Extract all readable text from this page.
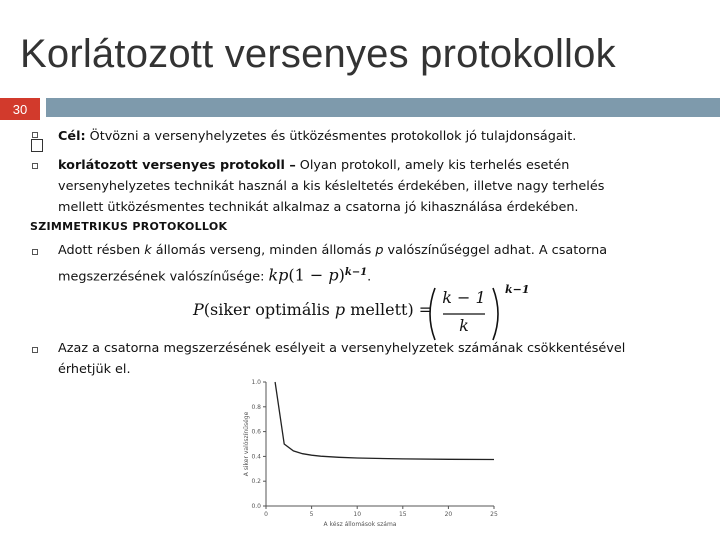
Korlátozott versenyes protokollok
30
Cél: Ötvözni a versenyhelyzetes és ütközésmentes protokollok jó tulajdonságait.
korlátozott versenyes protokoll – Olyan protokoll, amely kis terhelés esetén
versenyhelyzetes technikát használ a kis késleltetés érdekében, illetve nagy terhelés
mellett ütközésmentes technikát alkalmaz a csatorna jó kihasználása érdekében.
SZIMMETRIKUS PROTOKOLLOK
Adott résben k állomás verseng, minden állomás p valószínűséggel adhat. A csatorna
megszerzésének valószínűsége: $kp(1 - p)^{k-1}$.
P(siker optimális p mellett) =
k − 1
k
k−1
Azaz a csatorna megszerzésének esélyeit a versenyhelyzetek számának csökkentésével
érhetjük el.
0.0
0.2
0.4
0.6
0.8
1.0
0	5	10	15	20	25
A kész állomások száma
A siker valószínűsége
